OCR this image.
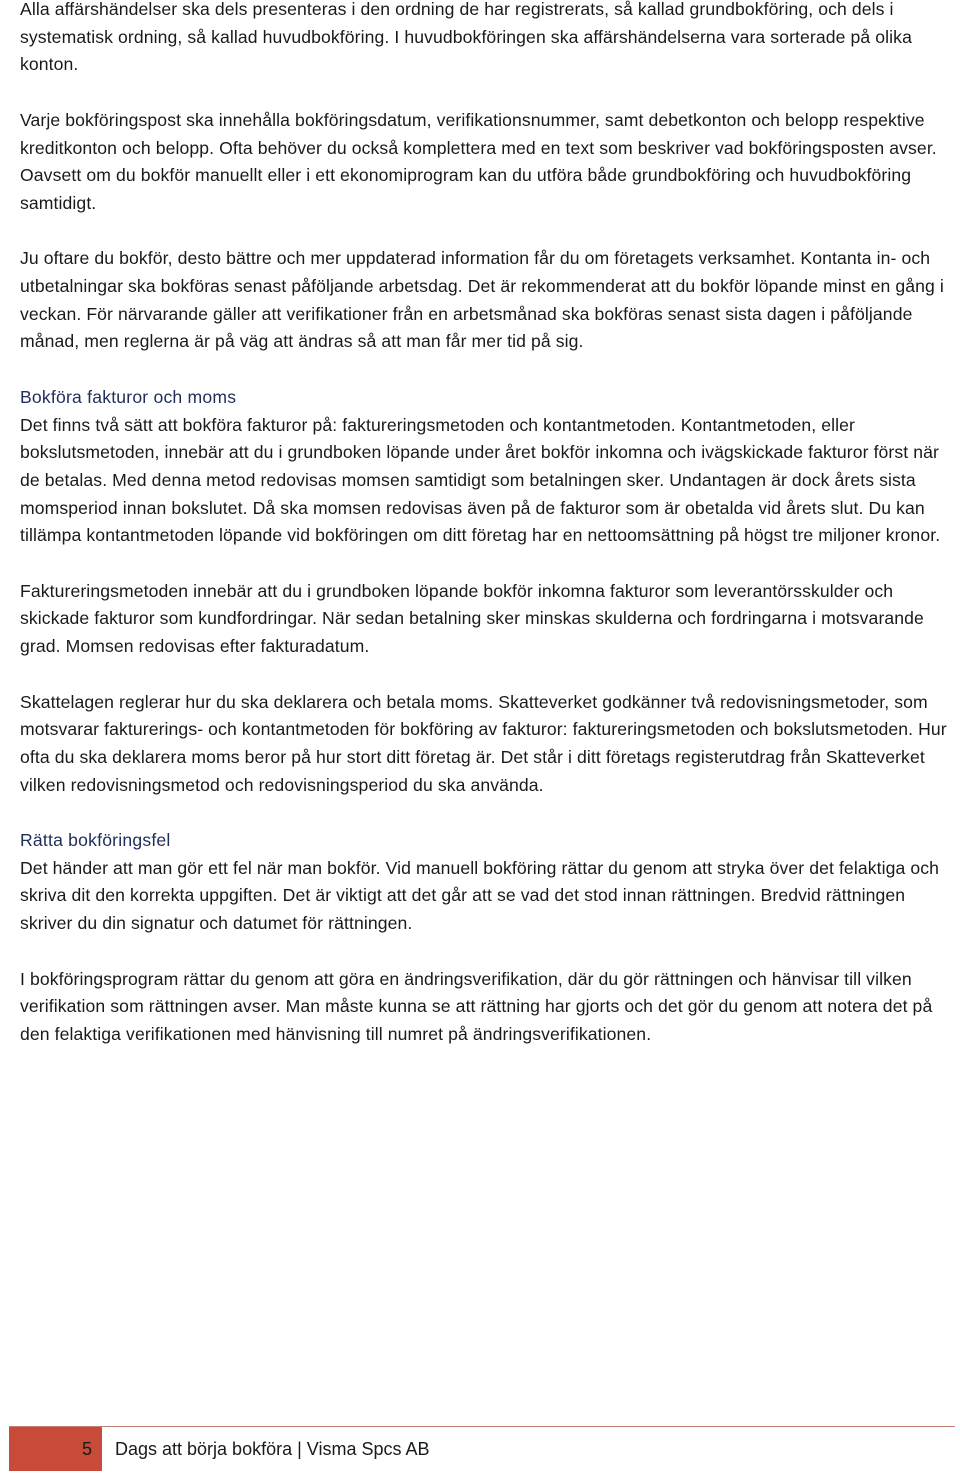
Alla affärshändelser ska dels presenteras i den ordning de har registrerats, så kallad grundbokföring, och dels i systematisk ordning, så kallad huvudbokföring. I huvudbokföringen ska affärshändelserna vara sorterade på olika konton.

Varje bokföringspost ska innehålla bokföringsdatum, verifikationsnummer, samt debetkonton och belopp respektive kreditkonton och belopp. Ofta behöver du också komplettera med en text som beskriver vad bokföringsposten avser. Oavsett om du bokför manuellt eller i ett ekonomiprogram kan du utföra både grundbokföring och huvudbokföring samtidigt.

Ju oftare du bokför, desto bättre och mer uppdaterad information får du om företagets verksamhet. Kontanta in- och utbetalningar ska bokföras senast påföljande arbetsdag. Det är rekommenderat att du bokför löpande minst en gång i veckan. För närvarande gäller att verifikationer från en arbetsmånad ska bokföras senast sista dagen i påföljande månad, men reglerna är på väg att ändras så att man får mer tid på sig.

Bokföra fakturor och moms

Det finns två sätt att bokföra fakturor på: faktureringsmetoden och kontantmetoden. Kontantmetoden, eller bokslutsmetoden, innebär att du i grundboken löpande under året bokför inkomna och ivägskickade fakturor först när de betalas. Med denna metod redovisas momsen samtidigt som betalningen sker. Undantagen är dock årets sista momsperiod innan bokslutet. Då ska momsen redovisas även på de fakturor som är obetalda vid årets slut. Du kan tillämpa kontantmetoden löpande vid bokföringen om ditt företag har en nettoomsättning på högst tre miljoner kronor.

Faktureringsmetoden innebär att du i grundboken löpande bokför inkomna fakturor som leverantörsskulder och skickade fakturor som kundfordringar. När sedan betalning sker minskas skulderna och fordringarna i motsvarande grad. Momsen redovisas efter fakturadatum.

Skattelagen reglerar hur du ska deklarera och betala moms. Skatteverket godkänner två redovisningsmetoder, som motsvarar fakturerings- och kontantmetoden för bokföring av fakturor: faktureringsmetoden och bokslutsmetoden. Hur ofta du ska deklarera moms beror på hur stort ditt företag är. Det står i ditt företags registerutdrag från Skatteverket vilken redovisningsmetod och redovisningsperiod du ska använda.

Rätta bokföringsfel

Det händer att man gör ett fel när man bokför. Vid manuell bokföring rättar du genom att stryka över det felaktiga och skriva dit den korrekta uppgiften. Det är viktigt att det går att se vad det stod innan rättningen. Bredvid rättningen skriver du din signatur och datumet för rättningen.

I bokföringsprogram rättar du genom att göra en ändringsverifikation, där du gör rättningen och hänvisar till vilken verifikation som rättningen avser. Man måste kunna se att rättning har gjorts och det gör du genom att notera det på den felaktiga verifikationen med hänvisning till numret på ändringsverifikationen.

5	Dags att börja bokföra | Visma Spcs AB
